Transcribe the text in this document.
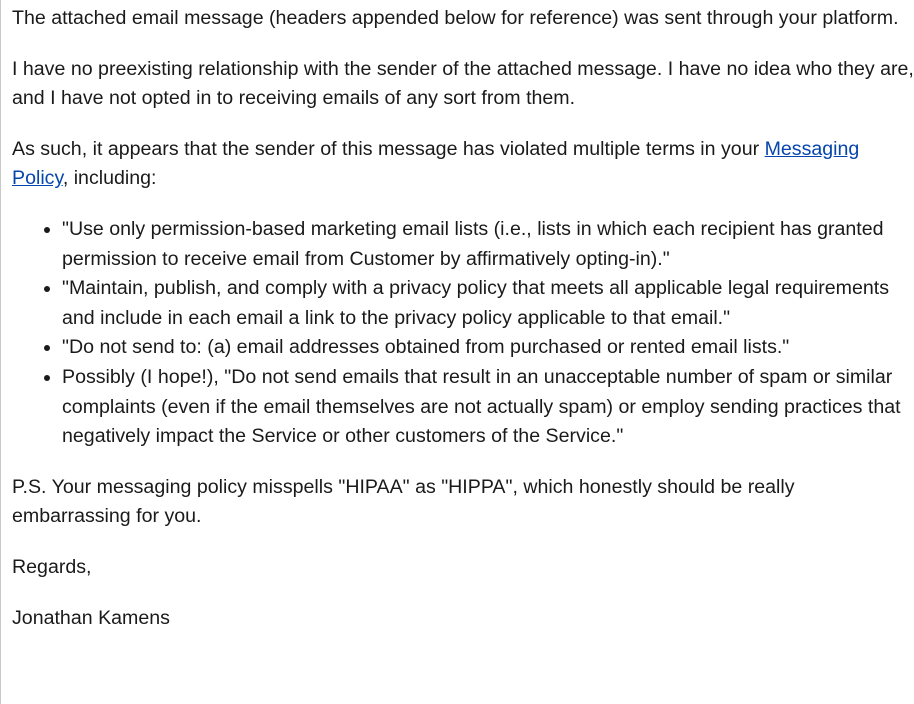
The attached email message (headers appended below for reference) was sent through your platform.

I have no preexisting relationship with the sender of the attached message. I have no idea who they are, and I have not opted in to receiving emails of any sort from them.

As such, it appears that the sender of this message has violated multiple terms in your Messaging Policy, including:

• "Use only permission-based marketing email lists (i.e., lists in which each recipient has granted permission to receive email from Customer by affirmatively opting-in)."
• "Maintain, publish, and comply with a privacy policy that meets all applicable legal requirements and include in each email a link to the privacy policy applicable to that email."
• "Do not send to: (a) email addresses obtained from purchased or rented email lists."
• Possibly (I hope!), "Do not send emails that result in an unacceptable number of spam or similar complaints (even if the email themselves are not actually spam) or employ sending practices that negatively impact the Service or other customers of the Service."

P.S. Your messaging policy misspells "HIPAA" as "HIPPA", which honestly should be really embarrassing for you.

Regards,

Jonathan Kamens
